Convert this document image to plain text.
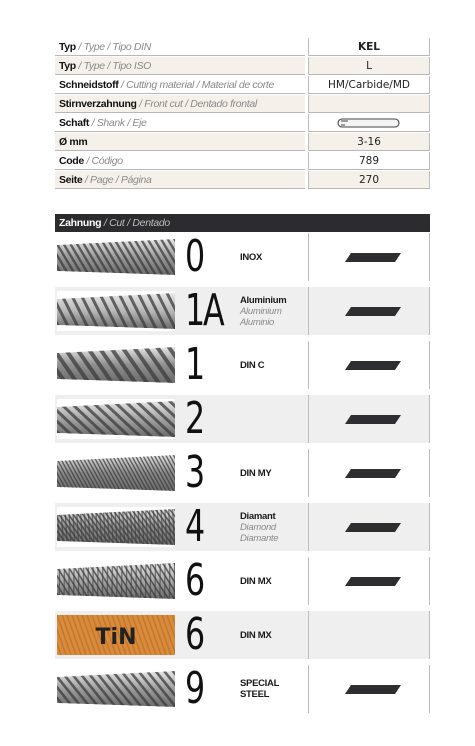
Zahnung / Cut / Dentado
Typ / Type / Tipo DIN	KEL
Typ / Type / Tipo ISO	L
Schneidstoff / Cutting material / Material de corte	HM/Carbide/MD
Stirnverzahnung / Front cut / Dentado frontal
Schaft / Shank / Eje
Ø mm	3-16
Code / Código	789
Seite / Page / Página	270
0	INOX
1A Aluminium
Aluminium
Aluminio
1	DIN C
2
3	DIN MY
4	Diamant
Diamond
Diamante
6	DIN MX
TiN 6	DIN MX
9	SPECIAL
STEEL
